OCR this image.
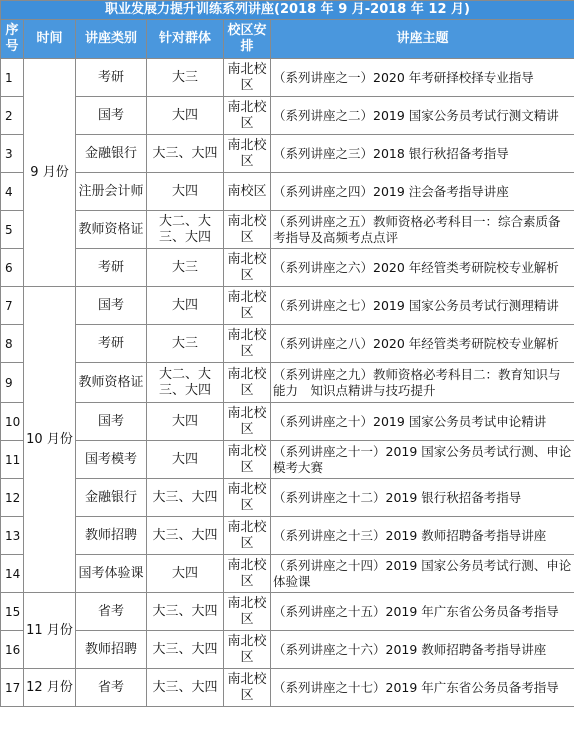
职业发展力提升训练系列讲座(2018 年 9 月-2018 年 12 月)					
序号	时间	讲座类别	针对群体	校区安排	讲座主题
1	9 月份	考研	大三	南北校区	（系列讲座之一）2020 年考研择校择专业指导
2		国考	大四	南北校区	（系列讲座之二）2019 国家公务员考试行测文精讲
3		金融银行	大三、大四	南北校区	（系列讲座之三）2018 银行秋招备考指导
4		注册会计师	大四	南校区	（系列讲座之四）2019 注会备考指导讲座
5		教师资格证	大二、大三、大四	南北校区	（系列讲座之五）教师资格必考科目一：综合素质备考指导及高频考点点评
6		考研	大三	南北校区	（系列讲座之六）2020 年经管类考研院校专业解析
7	10 月份	国考	大四	南北校区	（系列讲座之七）2019 国家公务员考试行测理精讲
8		考研	大三	南北校区	（系列讲座之八）2020 年经管类考研院校专业解析
9		教师资格证	大二、大三、大四	南北校区	（系列讲座之九）教师资格必考科目二：教育知识与能力　知识点精讲与技巧提升
10		国考	大四	南北校区	（系列讲座之十）2019 国家公务员考试申论精讲
11		国考模考	大四	南北校区	（系列讲座之十一）2019 国家公务员考试行测、申论模考大赛
12		金融银行	大三、大四	南北校区	（系列讲座之十二）2019 银行秋招备考指导
13		教师招聘	大三、大四	南北校区	（系列讲座之十三）2019 教师招聘备考指导讲座
14		国考体验课	大四	南北校区	（系列讲座之十四）2019 国家公务员考试行测、申论体验课
15	11 月份	省考	大三、大四	南北校区	（系列讲座之十五）2019 年广东省公务员备考指导
16		教师招聘	大三、大四	南北校区	（系列讲座之十六）2019 教师招聘备考指导讲座
17	12 月份	省考	大三、大四	南北校区	（系列讲座之十七）2019 年广东省公务员备考指导
